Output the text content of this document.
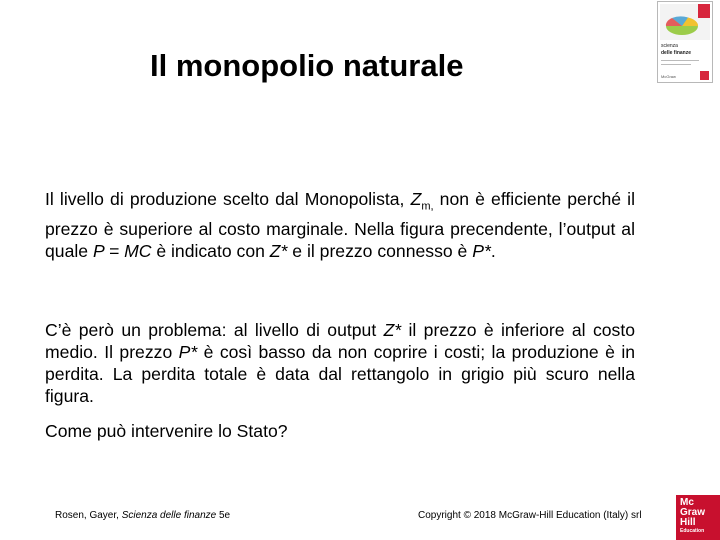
Il monopolio naturale
scienza
delle finanze
McGraw

Il livello di produzione scelto dal Monopolista, $Z_{m,}$ non è efficiente perché il prezzo è superiore al costo marginale. Nella figura precendente, l’output al quale P = MC è indicato con Z* e il prezzo connesso è P*.

C’è però un problema: al livello di output Z* il prezzo è inferiore al costo medio. Il prezzo P* è così basso da non coprire i costi; la produzione è in perdita. La perdita totale è data dal rettangolo in grigio più scuro nella figura.

Come può intervenire lo Stato?

Rosen, Gayer, Scienza delle finanze 5e	Copyright © 2018 McGraw-Hill Education (Italy) srl
Mc
Graw
Hill
Education
